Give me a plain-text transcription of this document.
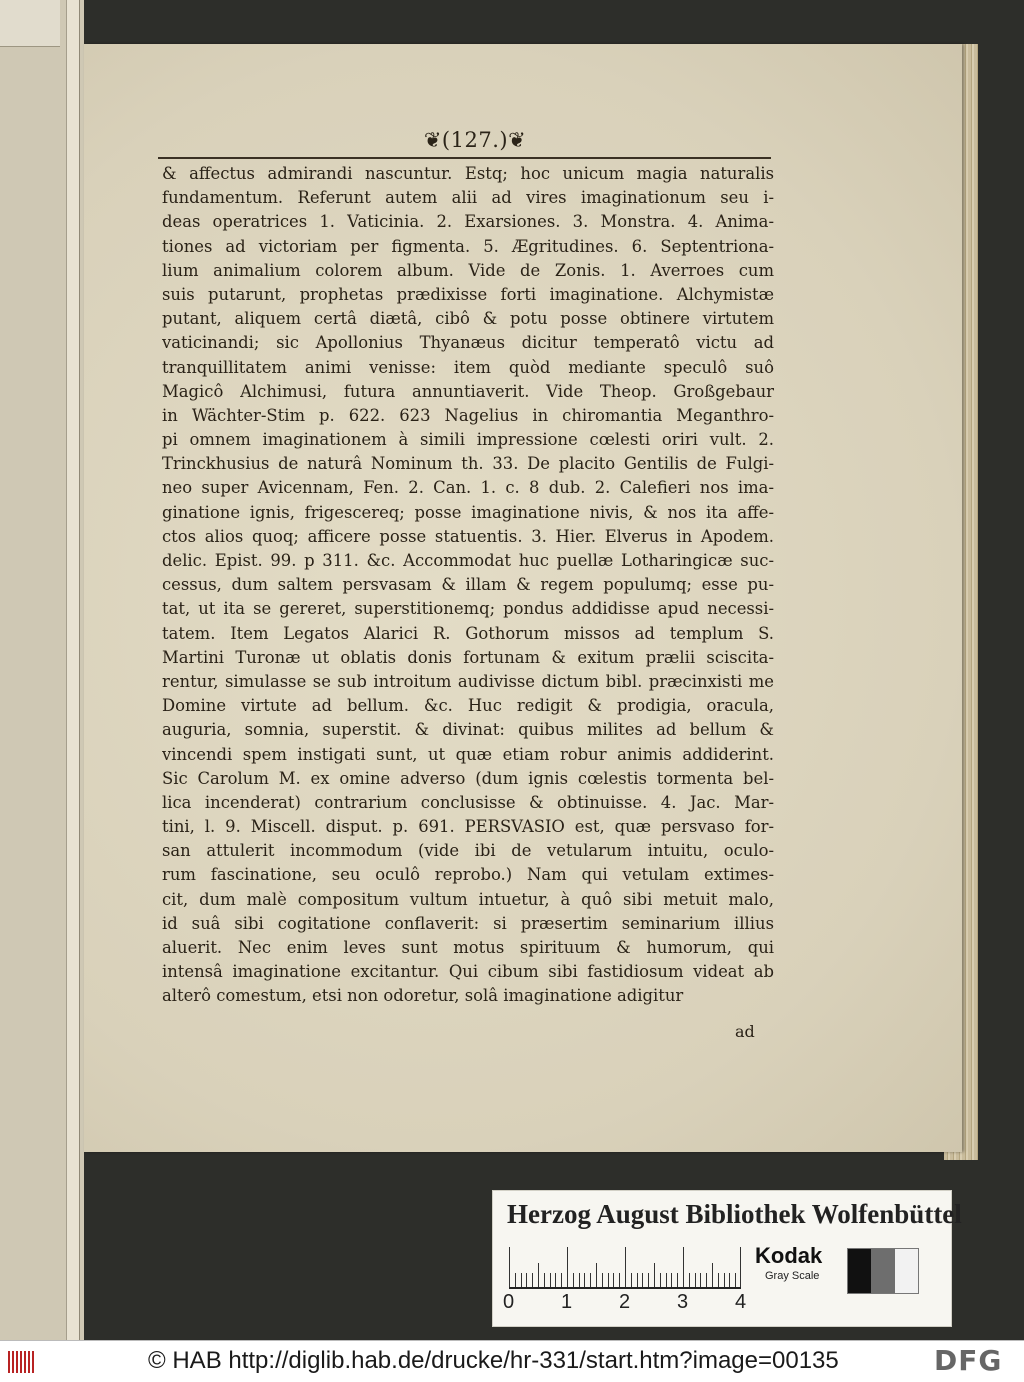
❦(127.)❦
& affectus admirandi nascuntur. Estq; hoc unicum magia naturalis
fundamentum. Referunt autem alii ad vires imaginationum seu i-
deas operatrices 1. Vaticinia. 2. Exarsiones. 3. Monstra. 4. Anima-
tiones ad victoriam per figmenta. 5. Ægritudines. 6. Septentriona-
lium animalium colorem album. Vide de Zonis. 1. Averroes cum
suis putarunt, prophetas prædixisse forti imaginatione. Alchymistæ
putant, aliquem certâ diætâ, cibô & potu posse obtinere virtutem
vaticinandi; sic Apollonius Thyanæus dicitur temperatô victu ad
tranquillitatem animi venisse: item quòd mediante speculô suô
Magicô Alchimusi, futura annuntiaverit. Vide Theop. Großgebaur
in Wächter-Stim p. 622. 623 Nagelius in chiromantia Meganthro-
pi omnem imaginationem à simili impressione cœlesti oriri vult. 2.
Trinckhusius de naturâ Nominum th. 33. De placito Gentilis de Fulgi-
neo super Avicennam, Fen. 2. Can. 1. c. 8 dub. 2. Calefieri nos ima-
ginatione ignis, frigescereq; posse imaginatione nivis, & nos ita affe-
ctos alios quoq; afficere posse statuentis. 3. Hier. Elverus in Apodem.
delic. Epist. 99. p 311. &c. Accommodat huc puellæ Lotharingicæ suc-
cessus, dum saltem persvasam & illam & regem populumq; esse pu-
tat, ut ita se gereret, superstitionemq; pondus addidisse apud necessi-
tatem. Item Legatos Alarici R. Gothorum missos ad templum S.
Martini Turonæ ut oblatis donis fortunam & exitum prælii sciscita-
rentur, simulasse se sub introitum audivisse dictum bibl. præcinxisti me
Domine virtute ad bellum. &c. Huc redigit & prodigia, oracula,
auguria, somnia, superstit. & divinat: quibus milites ad bellum &
vincendi spem instigati sunt, ut quæ etiam robur animis addiderint.
Sic Carolum M. ex omine adverso (dum ignis cœlestis tormenta bel-
lica incenderat) contrarium conclusisse & obtinuisse. 4. Jac. Mar-
tini, l. 9. Miscell. disput. p. 691. PERSVASIO est, quæ persvaso for-
san attulerit incommodum (vide ibi de vetularum intuitu, oculo-
rum fascinatione, seu oculô reprobo.) Nam qui vetulam extimes-
cit, dum malè compositum vultum intuetur, à quô sibi metuit malo,
id suâ sibi cogitatione conflaverit: si præsertim seminarium illius
aluerit. Nec enim leves sunt motus spirituum & humorum, qui
intensâ imaginatione excitantur. Qui cibum sibi fastidiosum videat ab
alterô comestum, etsi non odoretur, solâ imaginatione adigitur
ad
Herzog August Bibliothek Wolfenbüttel
0 1 2 3 4
Kodak
Gray Scale
© HAB http://diglib.hab.de/drucke/hr-331/start.htm?image=00135	DFG
